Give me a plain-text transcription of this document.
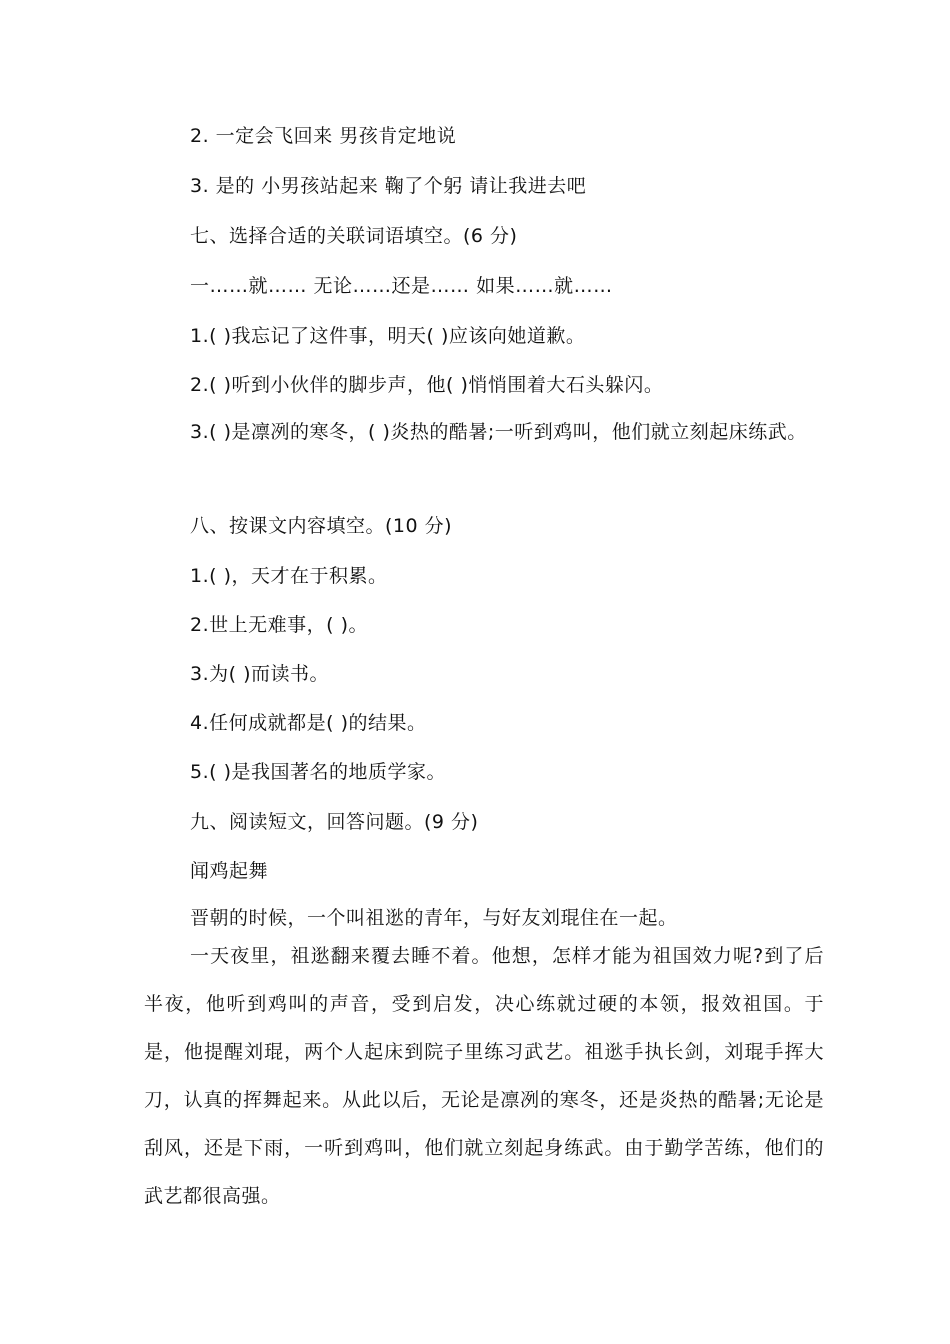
2. 一定会飞回来 男孩肯定地说
3. 是的 小男孩站起来 鞠了个躬 请让我进去吧
七、选择合适的关联词语填空。(6 分)
一……就…… 无论……还是…… 如果……就……
1.( )我忘记了这件事，明天( )应该向她道歉。
2.( )听到小伙伴的脚步声，他( )悄悄围着大石头躲闪。
3.( )是凛冽的寒冬，( )炎热的酷暑;一听到鸡叫，他们就立刻起床练武。
八、按课文内容填空。(10 分)
1.( )，天才在于积累。
2.世上无难事，( )。
3.为( )而读书。
4.任何成就都是( )的结果。
5.( )是我国著名的地质学家。
九、阅读短文，回答问题。(9 分)
闻鸡起舞
晋朝的时候，一个叫祖逖的青年，与好友刘琨住在一起。
一天夜里，祖逖翻来覆去睡不着。他想，怎样才能为祖国效力呢?到了后半夜，他听到鸡叫的声音，受到启发，决心练就过硬的本领，报效祖国。于是，他提醒刘琨，两个人起床到院子里练习武艺。祖逖手执长剑，刘琨手挥大刀，认真的挥舞起来。从此以后，无论是凛冽的寒冬，还是炎热的酷暑;无论是刮风，还是下雨，一听到鸡叫，他们就立刻起身练武。由于勤学苦练，他们的武艺都很高强。
